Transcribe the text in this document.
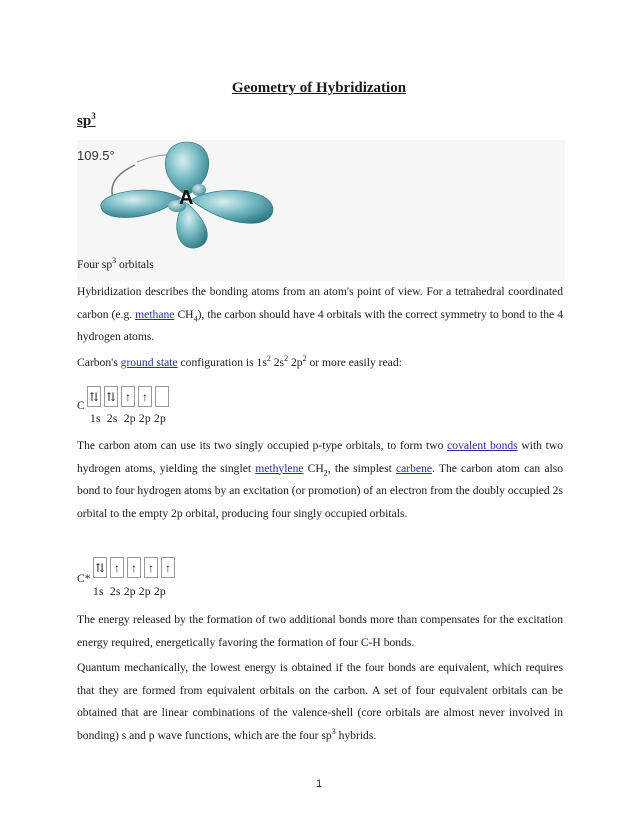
Geometry of Hybridization
$sp^3$
109.5°
A
Four $sp^3$ orbitals
Hybridization describes the bonding atoms from an atom's point of view. For a tetrahedral coordinated carbon (e.g. methane $CH_4$), the carbon should have 4 orbitals with the correct symmetry to bond to the 4 hydrogen atoms.
Carbon's ground state configuration is $1s^2$ $2s^2$ $2p^2$ or more easily read:
⇅ ⇅ ↑ ↑
C
1s  2s  2p 2p 2p
The carbon atom can use its two singly occupied p-type orbitals, to form two covalent bonds with two hydrogen atoms, yielding the singlet methylene $CH_2$, the simplest carbene. The carbon atom can also bond to four hydrogen atoms by an excitation (or promotion) of an electron from the doubly occupied 2s orbital to the empty 2p orbital, producing four singly occupied orbitals.
⇅ ↑ ↑ ↑ ↑
C*
1s  2s 2p 2p 2p
The energy released by the formation of two additional bonds more than compensates for the excitation energy required, energetically favoring the formation of four C-H bonds.
Quantum mechanically, the lowest energy is obtained if the four bonds are equivalent, which requires that they are formed from equivalent orbitals on the carbon. A set of four equivalent orbitals can be obtained that are linear combinations of the valence-shell (core orbitals are almost never involved in bonding) s and p wave functions, which are the four $sp^3$ hybrids.
1
